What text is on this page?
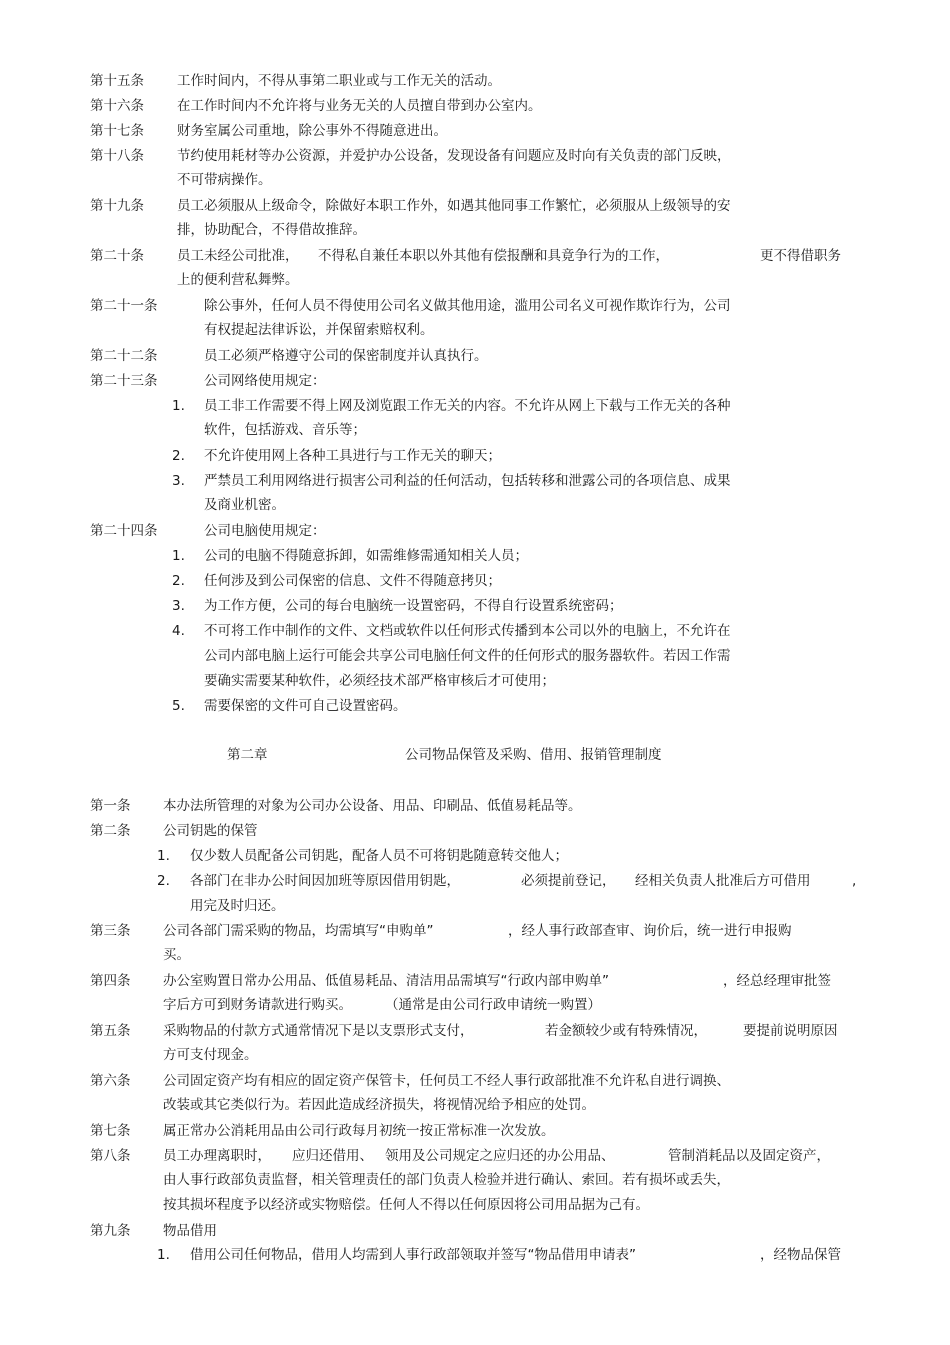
第十五条 工作时间内，不得从事第二职业或与工作无关的活动。
第十六条 在工作时间内不允许将与业务无关的人员擅自带到办公室内。
第十七条 财务室属公司重地，除公事外不得随意进出。
第十八条 节约使用耗材等办公资源，并爱护办公设备，发现设备有问题应及时向有关负责的部门反映，
不可带病操作。
第十九条 员工必须服从上级命令，除做好本职工作外，如遇其他同事工作繁忙，必须服从上级领导的安
排，协助配合，不得借故推辞。
第二十条 员工未经公司批准， 不得私自兼任本职以外其他有偿报酬和具竟争行为的工作，	更不得借职务
上的便利营私舞弊。
第二十一条	除公事外，任何人员不得使用公司名义做其他用途，滥用公司名义可视作欺诈行为，公司
有权提起法律诉讼，并保留索赔权利。
第二十二条	员工必须严格遵守公司的保密制度并认真执行。
第二十三条	公司网络使用规定：
1. 员工非工作需要不得上网及浏览跟工作无关的内容。不允许从网上下载与工作无关的各种
软件，包括游戏、音乐等；
2. 不允许使用网上各种工具进行与工作无关的聊天；
3. 严禁员工利用网络进行损害公司利益的任何活动，包括转移和泄露公司的各项信息、成果
及商业机密。
第二十四条	公司电脑使用规定：
1. 公司的电脑不得随意拆卸，如需维修需通知相关人员；
2. 任何涉及到公司保密的信息、文件不得随意拷贝；
3. 为工作方便，公司的每台电脑统一设置密码，不得自行设置系统密码；
4. 不可将工作中制作的文件、文档或软件以任何形式传播到本公司以外的电脑上，不允许在
公司内部电脑上运行可能会共享公司电脑任何文件的任何形式的服务器软件。若因工作需
要确实需要某种软件，必须经技术部严格审核后才可使用；
5. 需要保密的文件可自己设置密码。
第二章	公司物品保管及采购、借用、报销管理制度
第一条 本办法所管理的对象为公司办公设备、用品、印刷品、低值易耗品等。
第二条 公司钥匙的保管
1. 仅少数人员配备公司钥匙，配备人员不可将钥匙随意转交他人；
2. 各部门在非办公时间因加班等原因借用钥匙，	必须提前登记， 经相关负责人批准后方可借用	,
用完及时归还。
第三条 公司各部门需采购的物品，均需填写“申购单”	，经人事行政部查审、询价后，统一进行申报购
买。
第四条 办公室购置日常办公用品、低值易耗品、清洁用品需填写“行政内部申购单”	，经总经理审批签
字后方可到财务请款进行购买。 （通常是由公司行政申请统一购置）
第五条 采购物品的付款方式通常情况下是以支票形式支付，	若金额较少或有特殊情况，	要提前说明原因
方可支付现金。
第六条 公司固定资产均有相应的固定资产保管卡，任何员工不经人事行政部批准不允许私自进行调换、
改装或其它类似行为。若因此造成经济损失，将视情况给予相应的处罚。
第七条 属正常办公消耗用品由公司行政每月初统一按正常标准一次发放。
第八条 员工办理离职时， 应归还借用、 领用及公司规定之应归还的办公用品、	管制消耗品以及固定资产，
由人事行政部负责监督，相关管理责任的部门负责人检验并进行确认、索回。若有损坏或丢失，
按其损坏程度予以经济或实物赔偿。任何人不得以任何原因将公司用品据为己有。
第九条 物品借用
1. 借用公司任何物品，借用人均需到人事行政部领取并签写“物品借用申请表”	，经物品保管
